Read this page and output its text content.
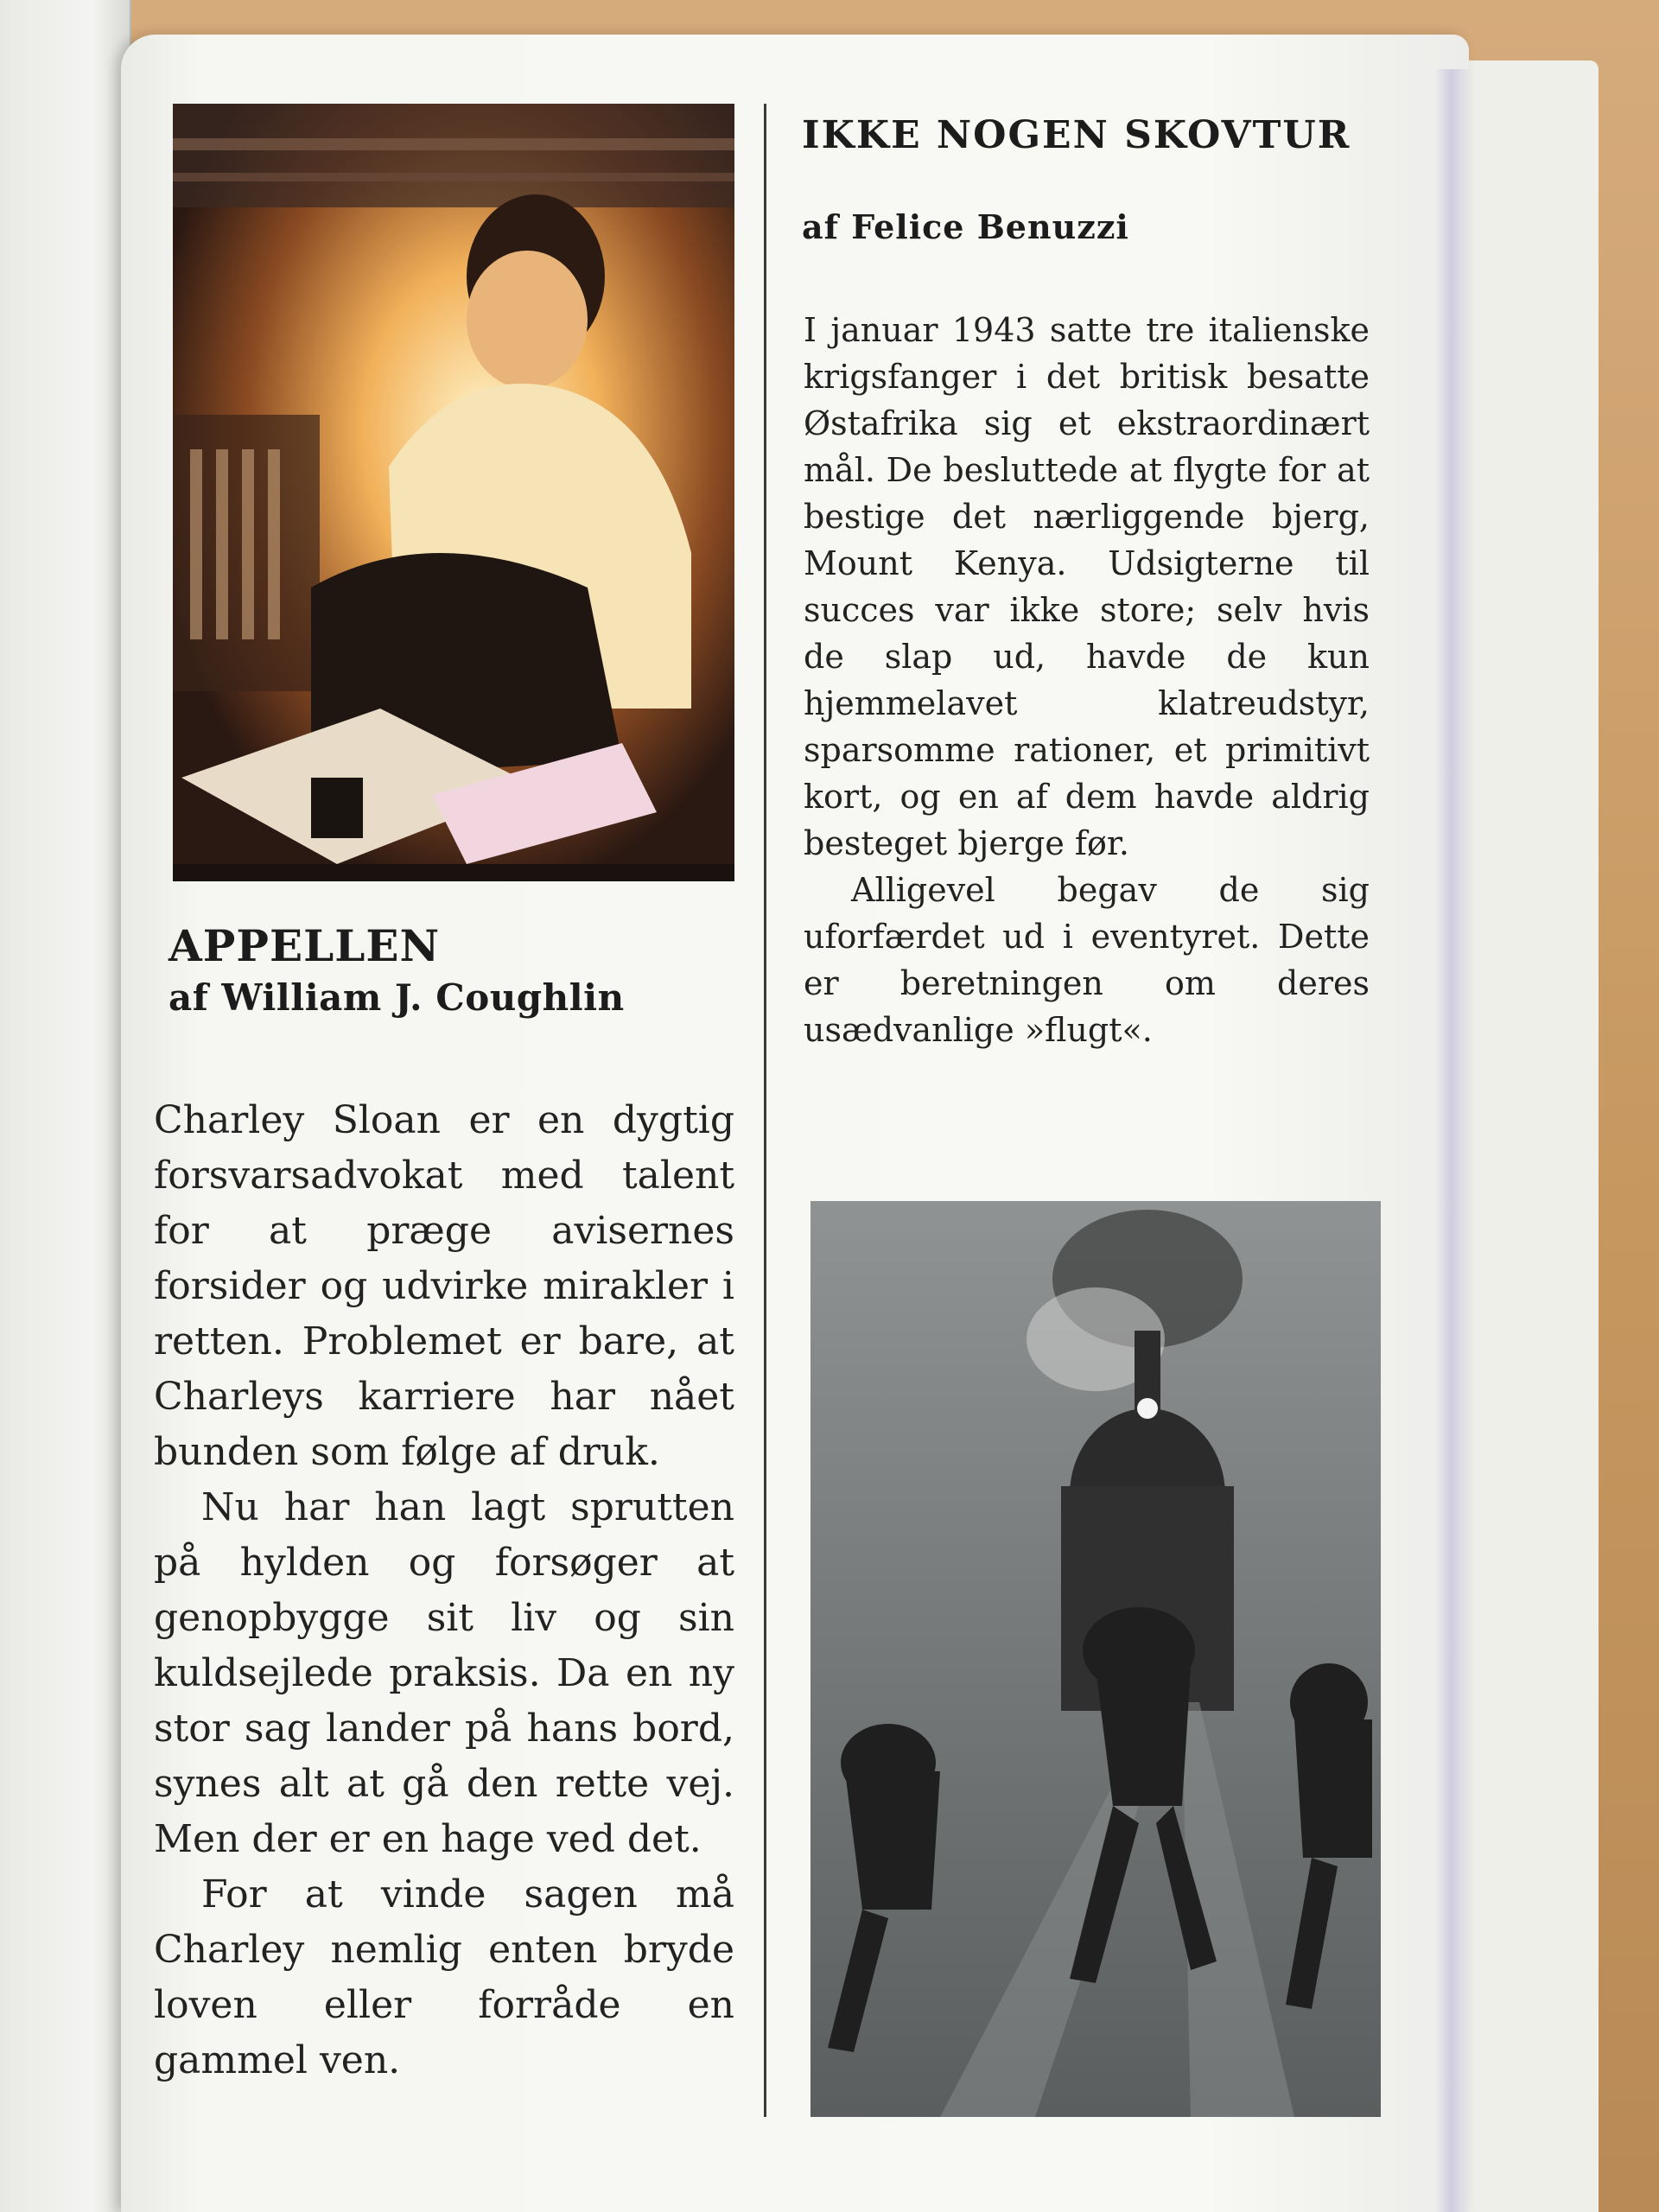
APPELLEN
af William J. Coughlin

Charley Sloan er en dygtig forsvarsadvokat med talent for at præge avisernes forsider og udvirke mirakler i retten. Problemet er bare, at Charleys karriere har nået bunden som følge af druk.

Nu har han lagt sprutten på hylden og forsøger at genopbygge sit liv og sin kuldsejlede praksis. Da en ny stor sag lander på hans bord, synes alt at gå den rette vej. Men der er en hage ved det.

For at vinde sagen må Charley nemlig enten bryde loven eller forråde en gammel ven.

IKKE NOGEN SKOVTUR
af Felice Benuzzi

I januar 1943 satte tre italienske krigsfanger i det britisk besatte Østafrika sig et ekstraordinært mål. De besluttede at flygte for at bestige det nærliggende bjerg, Mount Kenya. Udsigterne til succes var ikke store; selv hvis de slap ud, havde de kun hjemmelavet klatreudstyr, sparsomme rationer, et primitivt kort, og en af dem havde aldrig besteget bjerge før.

Alligevel begav de sig uforfærdet ud i eventyret. Dette er beretningen om deres usædvanlige »flugt«.
